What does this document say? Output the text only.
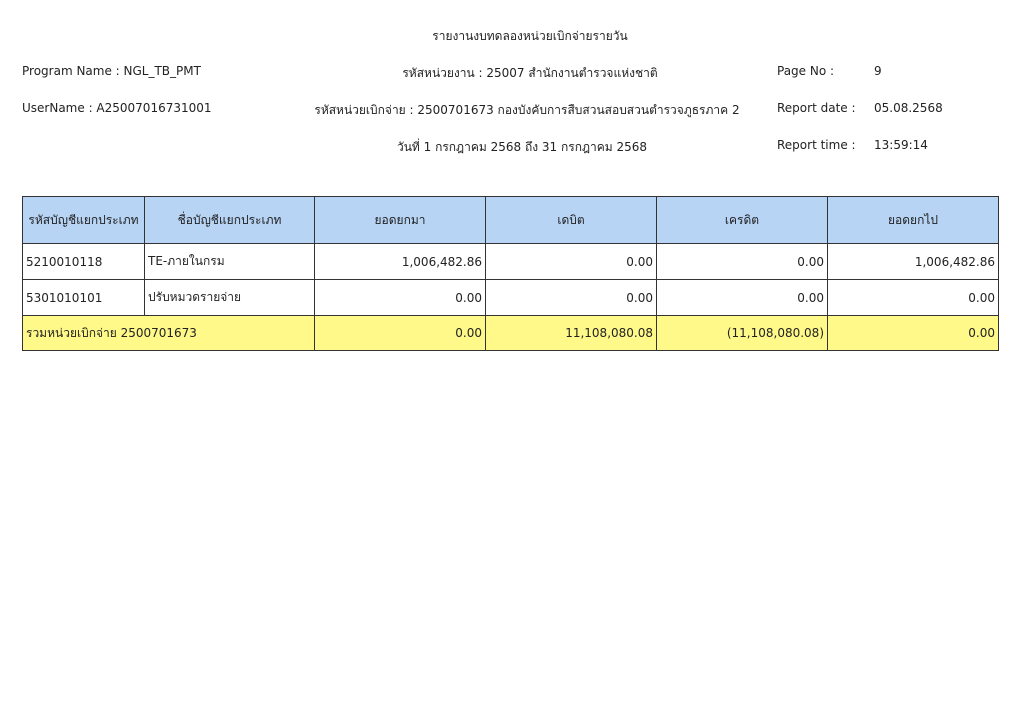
รายงานงบทดลองหน่วยเบิกจ่ายรายวัน
Program Name : NGL_TB_PMT	รหัสหน่วยงาน : 25007 สำนักงานตำรวจแห่งชาติ	Page No :	9
UserName : A25007016731001	รหัสหน่วยเบิกจ่าย : 2500701673 กองบังคับการสืบสวนสอบสวนตำรวจภูธรภาค 2	Report date : 05.08.2568
วันที่ 1 กรกฎาคม 2568 ถึง 31 กรกฎาคม 2568	Report time : 13:59:14
รหัสบัญชีแยกประเภท	ชื่อบัญชีแยกประเภท	ยอดยกมา	เดบิต	เครดิต	ยอดยกไป
5210010118	TE-ภายในกรม	1,006,482.86	0.00	0.00	1,006,482.86
5301010101	ปรับหมวดรายจ่าย	0.00	0.00	0.00	0.00
รวมหน่วยเบิกจ่าย 2500701673		0.00	11,108,080.08	(11,108,080.08)	0.00
